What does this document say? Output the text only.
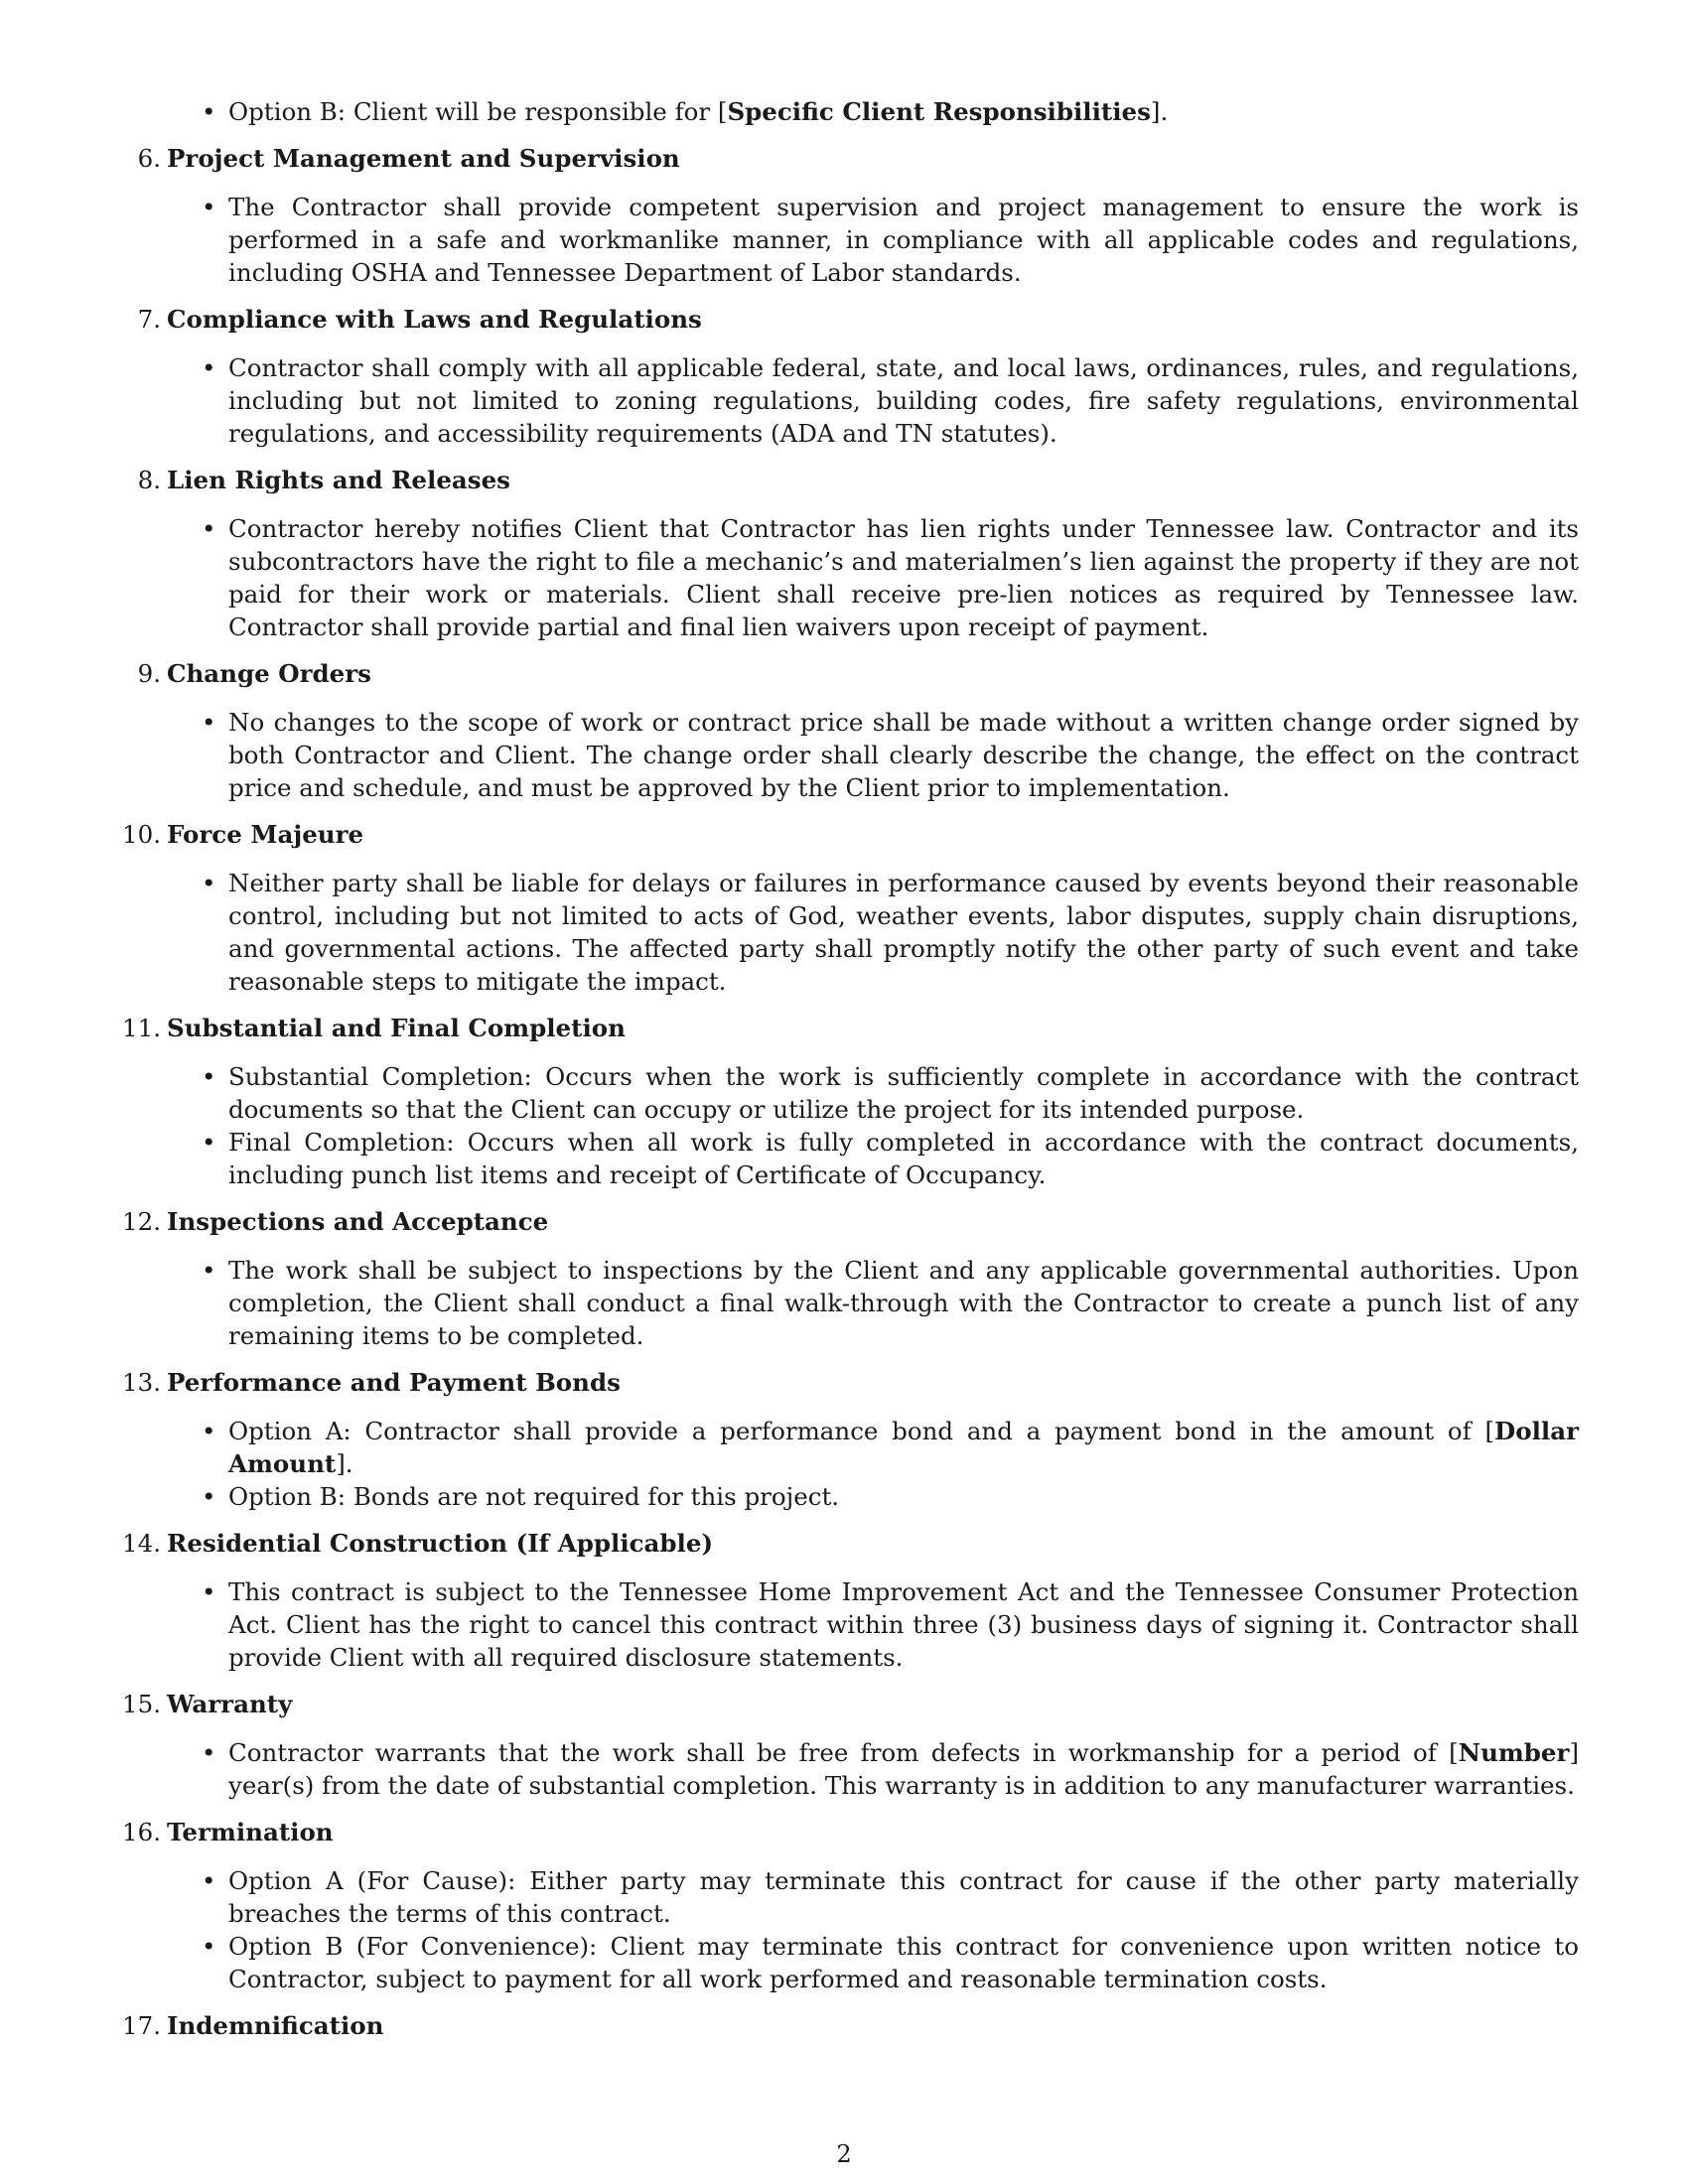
• Option B: Client will be responsible for [Specific Client Responsibilities].
6. Project Management and Supervision
• The Contractor shall provide competent supervision and project management to ensure the work is performed in a safe and workmanlike manner, in compliance with all applicable codes and regulations, including OSHA and Tennessee Department of Labor standards.
7. Compliance with Laws and Regulations
• Contractor shall comply with all applicable federal, state, and local laws, ordinances, rules, and regulations, including but not limited to zoning regulations, building codes, fire safety regulations, environmental regulations, and accessibility requirements (ADA and TN statutes).
8. Lien Rights and Releases
• Contractor hereby notifies Client that Contractor has lien rights under Tennessee law. Contractor and its subcontractors have the right to file a mechanic’s and materialmen’s lien against the property if they are not paid for their work or materials. Client shall receive pre-lien notices as required by Tennessee law. Contractor shall provide partial and final lien waivers upon receipt of payment.
9. Change Orders
• No changes to the scope of work or contract price shall be made without a written change order signed by both Contractor and Client. The change order shall clearly describe the change, the effect on the contract price and schedule, and must be approved by the Client prior to implementation.
10. Force Majeure
• Neither party shall be liable for delays or failures in performance caused by events beyond their reasonable control, including but not limited to acts of God, weather events, labor disputes, supply chain disruptions, and governmental actions. The affected party shall promptly notify the other party of such event and take reasonable steps to mitigate the impact.
11. Substantial and Final Completion
• Substantial Completion: Occurs when the work is sufficiently complete in accordance with the contract documents so that the Client can occupy or utilize the project for its intended purpose.
• Final Completion: Occurs when all work is fully completed in accordance with the contract documents, including punch list items and receipt of Certificate of Occupancy.
12. Inspections and Acceptance
• The work shall be subject to inspections by the Client and any applicable governmental authorities. Upon completion, the Client shall conduct a final walk-through with the Contractor to create a punch list of any remaining items to be completed.
13. Performance and Payment Bonds
• Option A: Contractor shall provide a performance bond and a payment bond in the amount of [Dollar Amount].
• Option B: Bonds are not required for this project.
14. Residential Construction (If Applicable)
• This contract is subject to the Tennessee Home Improvement Act and the Tennessee Consumer Protection Act. Client has the right to cancel this contract within three (3) business days of signing it. Contractor shall provide Client with all required disclosure statements.
15. Warranty
• Contractor warrants that the work shall be free from defects in workmanship for a period of [Number] year(s) from the date of substantial completion. This warranty is in addition to any manufacturer warranties.
16. Termination
• Option A (For Cause): Either party may terminate this contract for cause if the other party materially breaches the terms of this contract.
• Option B (For Convenience): Client may terminate this contract for convenience upon written notice to Contractor, subject to payment for all work performed and reasonable termination costs.
17. Indemnification
2
